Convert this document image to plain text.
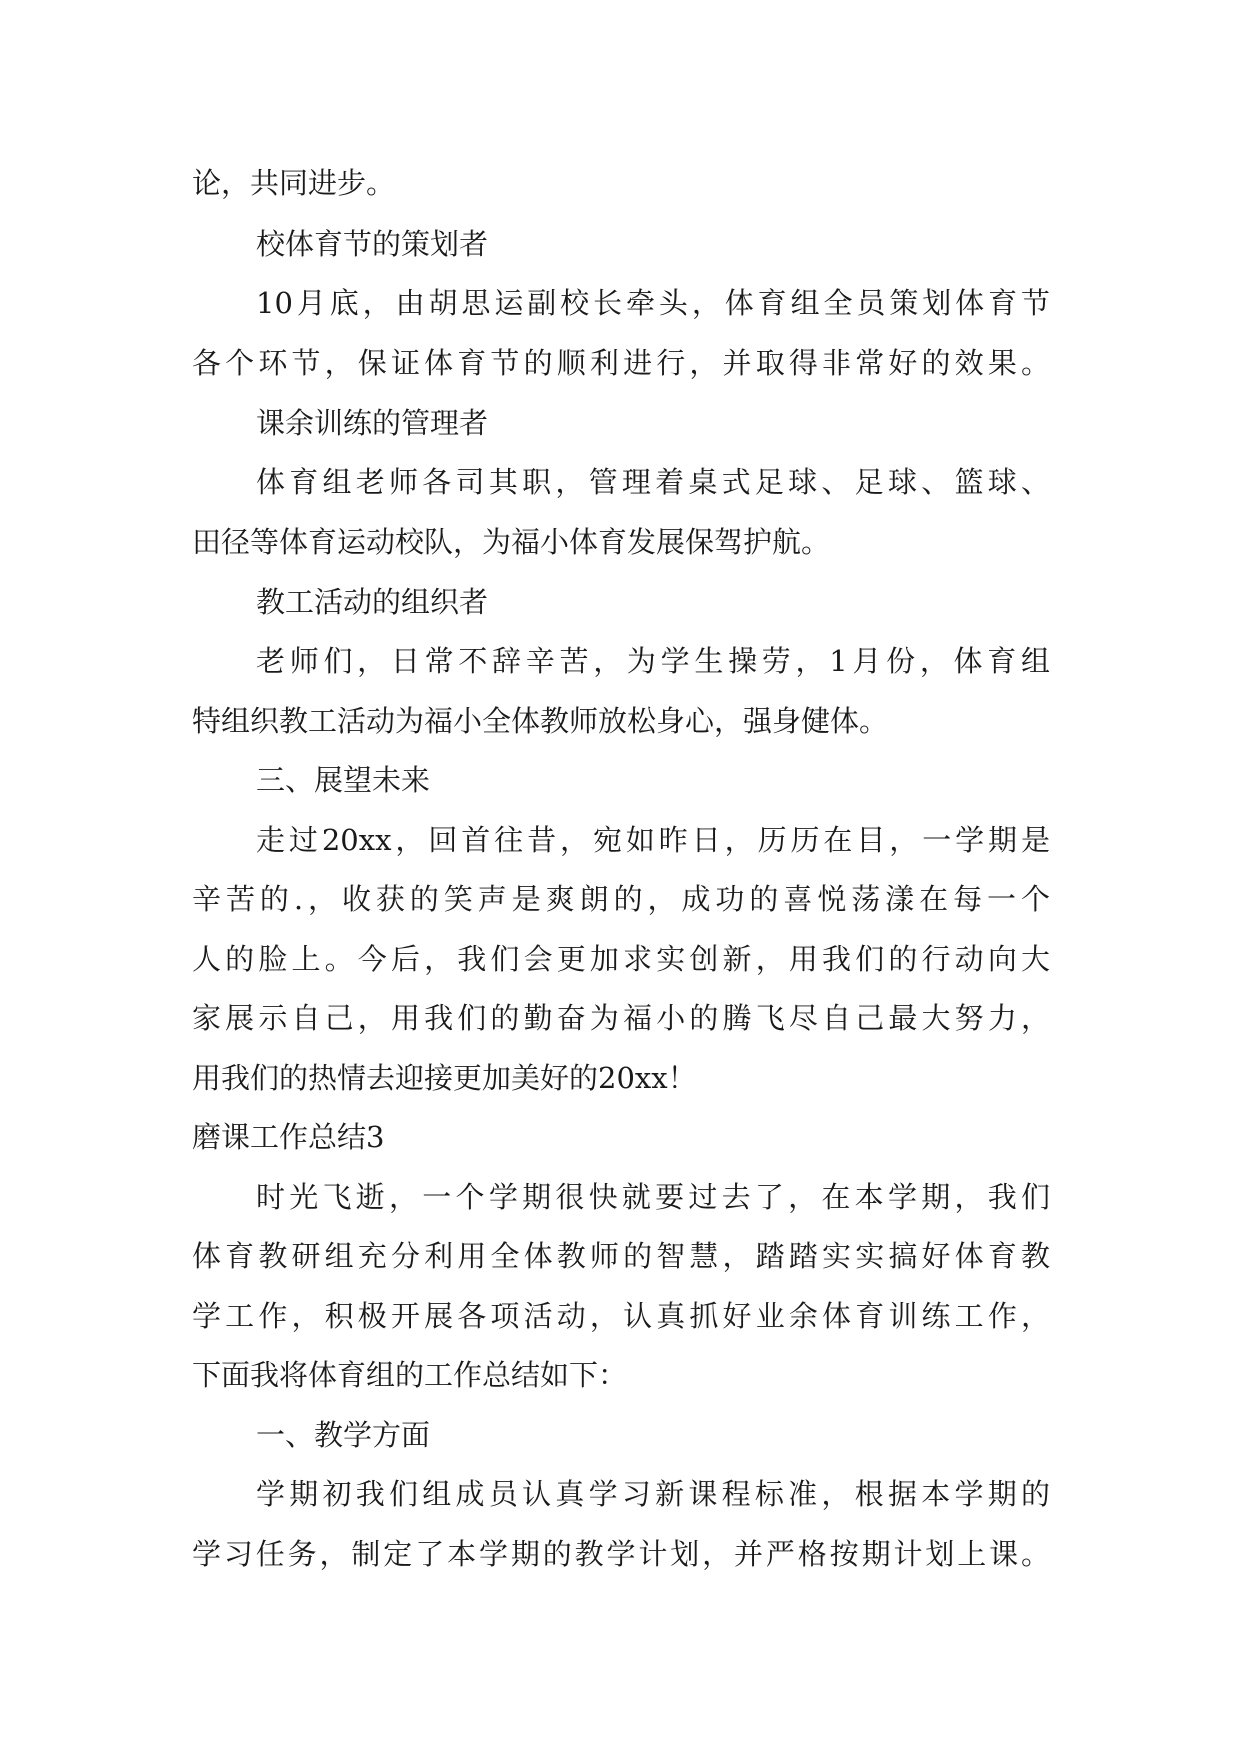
论，共同进步。
校体育节的策划者
10月底，由胡思运副校长牵头，体育组全员策划体育节
各个环节，保证体育节的顺利进行，并取得非常好的效果。
课余训练的管理者
体育组老师各司其职，管理着桌式足球、足球、篮球、
田径等体育运动校队，为福小体育发展保驾护航。
教工活动的组织者
老师们，日常不辞辛苦，为学生操劳，1月份，体育组
特组织教工活动为福小全体教师放松身心，强身健体。
三、展望未来
走过20xx，回首往昔，宛如昨日，历历在目，一学期是
辛苦的.，收获的笑声是爽朗的，成功的喜悦荡漾在每一个
人的脸上。今后，我们会更加求实创新，用我们的行动向大
家展示自己，用我们的勤奋为福小的腾飞尽自己最大努力，
用我们的热情去迎接更加美好的20xx！
磨课工作总结3
时光飞逝，一个学期很快就要过去了，在本学期，我们
体育教研组充分利用全体教师的智慧，踏踏实实搞好体育教
学工作，积极开展各项活动，认真抓好业余体育训练工作，
下面我将体育组的工作总结如下：
一、教学方面
学期初我们组成员认真学习新课程标准，根据本学期的
学习任务，制定了本学期的教学计划，并严格按期计划上课。
